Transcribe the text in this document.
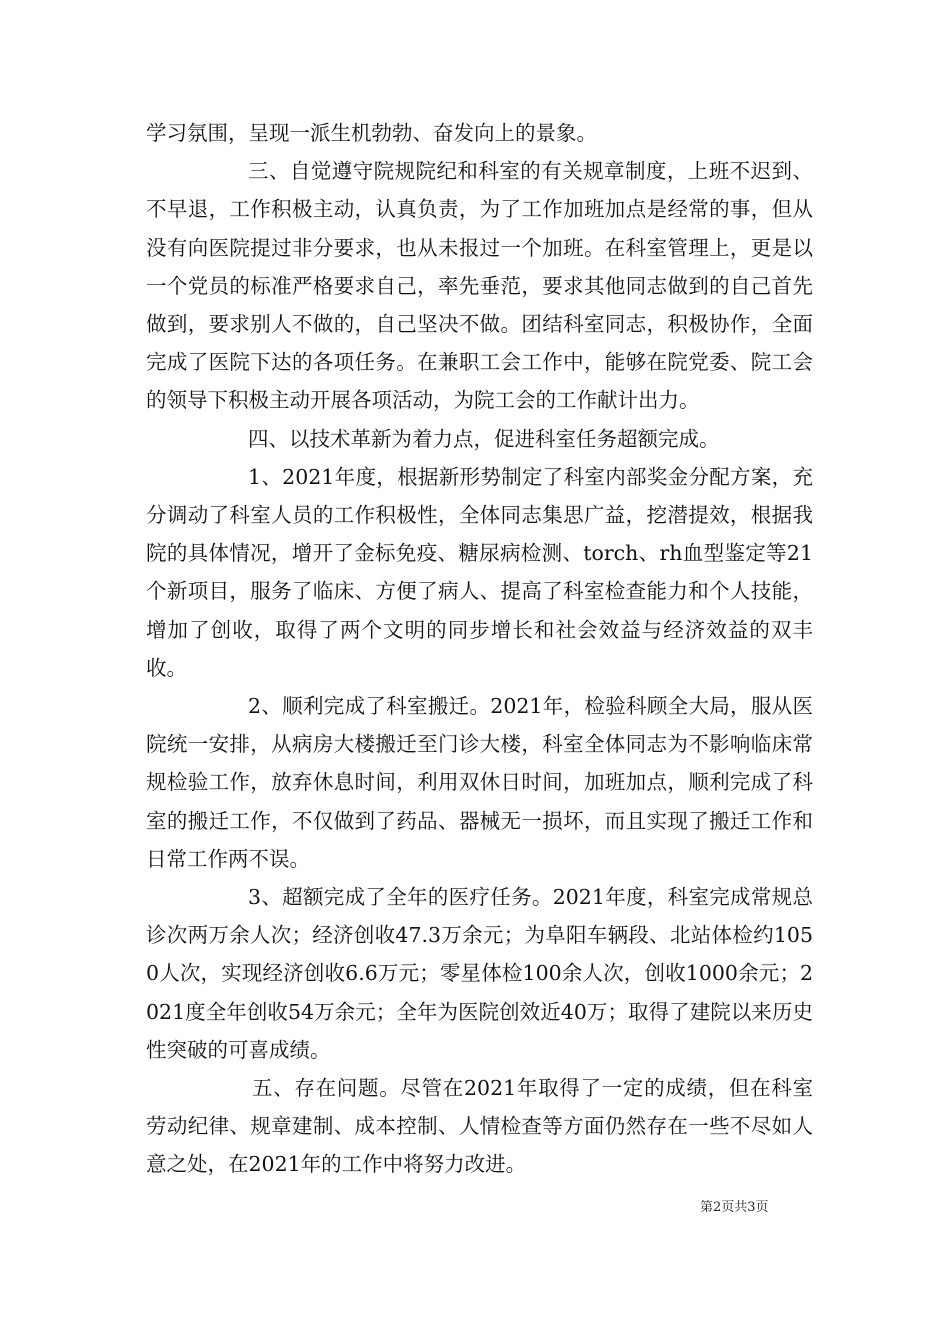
学习氛围，呈现一派生机勃勃、奋发向上的景象。

三、自觉遵守院规院纪和科室的有关规章制度，上班不迟到、不早退，工作积极主动，认真负责，为了工作加班加点是经常的事，但从没有向医院提过非分要求，也从未报过一个加班。在科室管理上，更是以一个党员的标准严格要求自己，率先垂范，要求其他同志做到的自己首先做到，要求别人不做的，自己坚决不做。团结科室同志，积极协作，全面完成了医院下达的各项任务。在兼职工会工作中，能够在院党委、院工会的领导下积极主动开展各项活动，为院工会的工作献计出力。

四、以技术革新为着力点，促进科室任务超额完成。

1、2021年度，根据新形势制定了科室内部奖金分配方案，充分调动了科室人员的工作积极性，全体同志集思广益，挖潜提效，根据我院的具体情况，增开了金标免疫、糖尿病检测、torch、rh血型鉴定等21个新项目，服务了临床、方便了病人、提高了科室检查能力和个人技能，增加了创收，取得了两个文明的同步增长和社会效益与经济效益的双丰收。

2、顺利完成了科室搬迁。2021年，检验科顾全大局，服从医院统一安排，从病房大楼搬迁至门诊大楼，科室全体同志为不影响临床常规检验工作，放弃休息时间，利用双休日时间，加班加点，顺利完成了科室的搬迁工作，不仅做到了药品、器械无一损坏，而且实现了搬迁工作和日常工作两不误。

3、超额完成了全年的医疗任务。2021年度，科室完成常规总诊次两万余人次；经济创收47.3万余元；为阜阳车辆段、北站体检约1050人次，实现经济创收6.6万元；零星体检100余人次，创收1000余元；2021度全年创收54万余元；全年为医院创效近40万；取得了建院以来历史性突破的可喜成绩。

五、存在问题。尽管在2021年取得了一定的成绩，但在科室劳动纪律、规章建制、成本控制、人情检查等方面仍然存在一些不尽如人意之处，在2021年的工作中将努力改进。

第2页共3页
